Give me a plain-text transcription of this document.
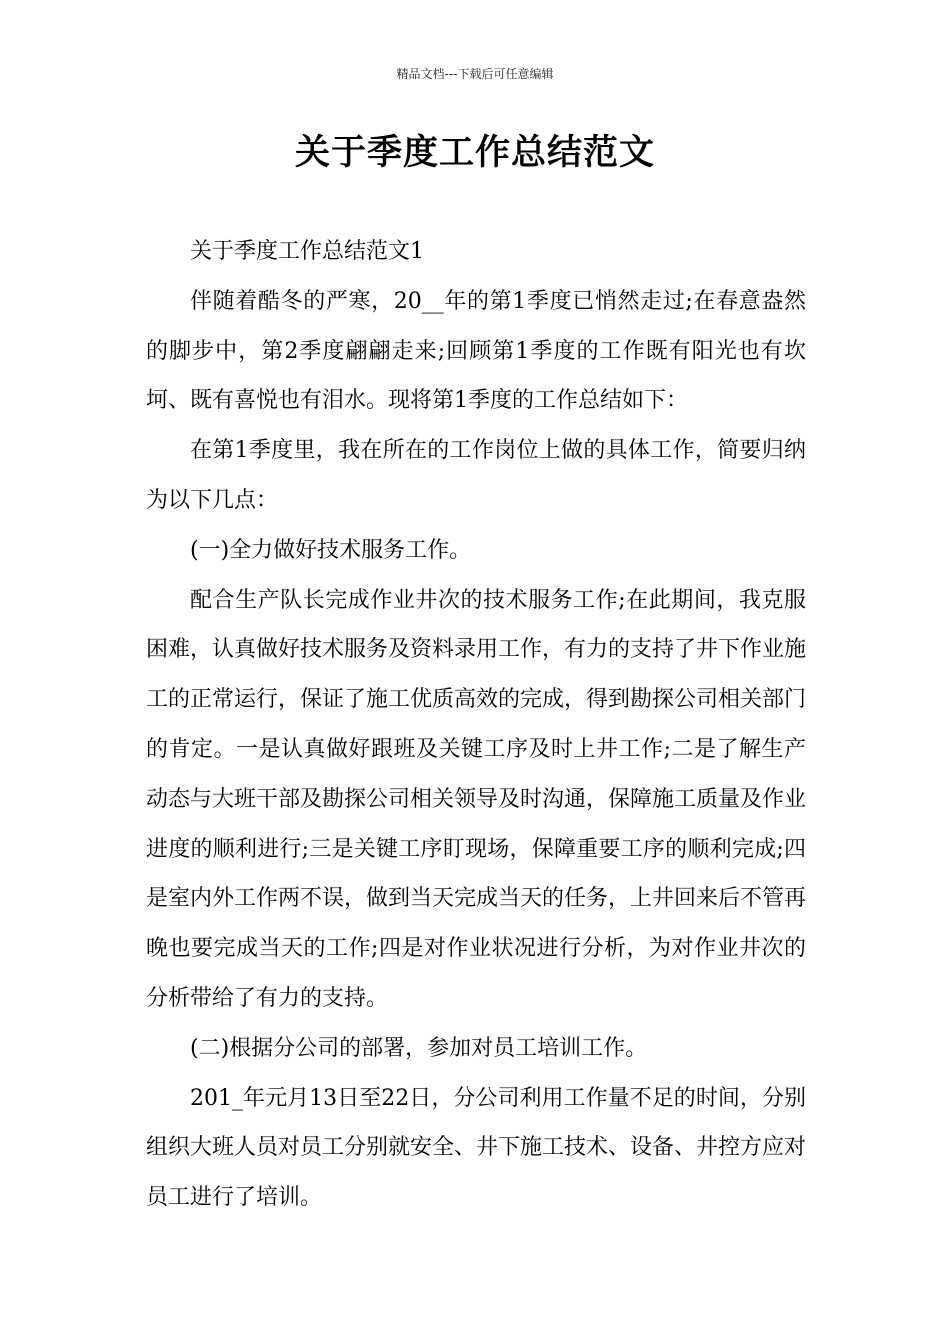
精品文档---下载后可任意编辑
关于季度工作总结范文

关于季度工作总结范文1

伴随着酷冬的严寒，20__年的第1季度已悄然走过;在春意盎然的脚步中，第2季度翩翩走来;回顾第1季度的工作既有阳光也有坎坷、既有喜悦也有泪水。现将第1季度的工作总结如下：

在第1季度里，我在所在的工作岗位上做的具体工作，简要归纳为以下几点：

(一)全力做好技术服务工作。

配合生产队长完成作业井次的技术服务工作;在此期间，我克服困难，认真做好技术服务及资料录用工作，有力的支持了井下作业施工的正常运行，保证了施工优质高效的完成，得到勘探公司相关部门的肯定。一是认真做好跟班及关键工序及时上井工作;二是了解生产动态与大班干部及勘探公司相关领导及时沟通，保障施工质量及作业进度的顺利进行;三是关键工序盯现场，保障重要工序的顺利完成;四是室内外工作两不误，做到当天完成当天的任务，上井回来后不管再晚也要完成当天的工作;四是对作业状况进行分析，为对作业井次的分析带给了有力的支持。

(二)根据分公司的部署，参加对员工培训工作。

201_年元月13日至22日，分公司利用工作量不足的时间，分别组织大班人员对员工分别就安全、井下施工技术、设备、井控方应对员工进行了培训。
